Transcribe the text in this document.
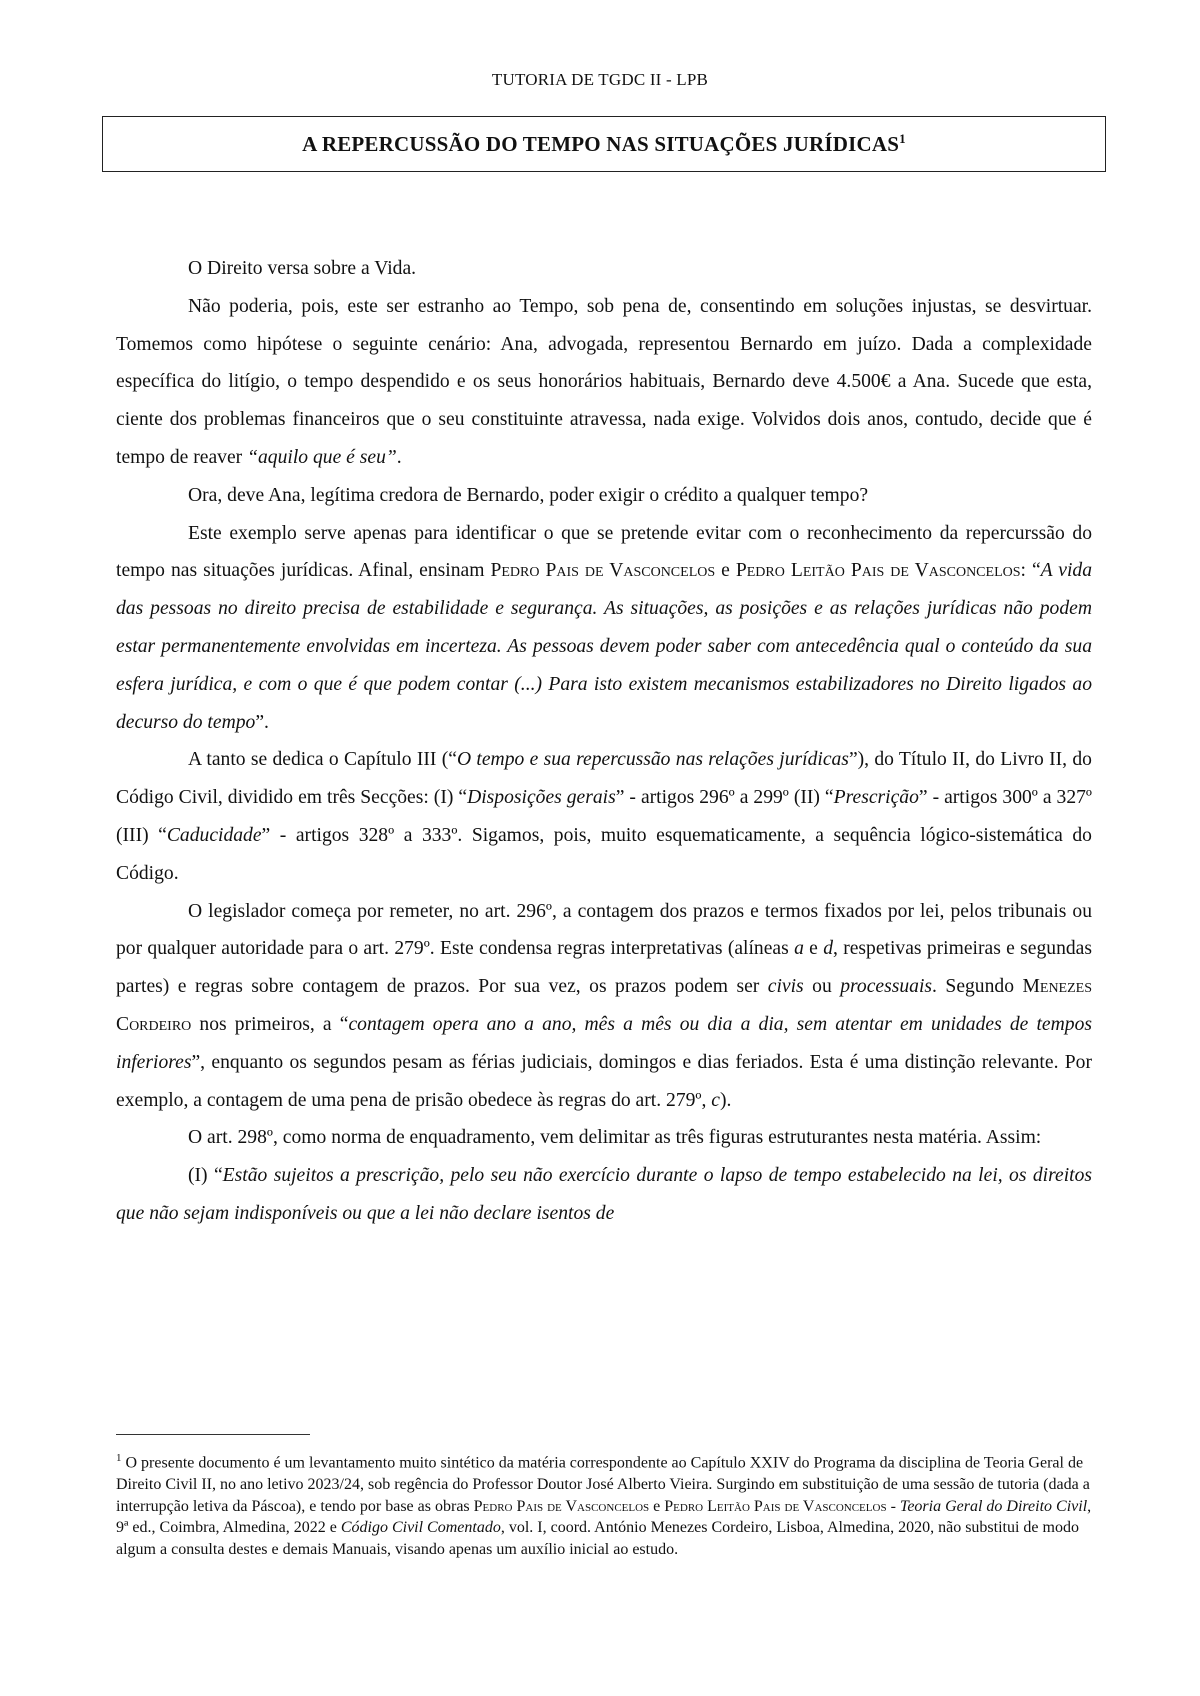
TUTORIA DE TGDC II - LPB
A REPERCUSSÃO DO TEMPO NAS SITUAÇÕES JURÍDICAS$^1$

O Direito versa sobre a Vida.

Não poderia, pois, este ser estranho ao Tempo, sob pena de, consentindo em soluções injustas, se desvirtuar. Tomemos como hipótese o seguinte cenário: Ana, advogada, representou Bernardo em juízo. Dada a complexidade específica do litígio, o tempo despendido e os seus honorários habituais, Bernardo deve 4.500€ a Ana. Sucede que esta, ciente dos problemas financeiros que o seu constituinte atravessa, nada exige. Volvidos dois anos, contudo, decide que é tempo de reaver “aquilo que é seu”.

Ora, deve Ana, legítima credora de Bernardo, poder exigir o crédito a qualquer tempo?

Este exemplo serve apenas para identificar o que se pretende evitar com o reconhecimento da repercurssão do tempo nas situações jurídicas. Afinal, ensinam Pedro Pais de Vasconcelos e Pedro Leitão Pais de Vasconcelos: “A vida das pessoas no direito precisa de estabilidade e segurança. As situações, as posições e as relações jurídicas não podem estar permanentemente envolvidas em incerteza. As pessoas devem poder saber com antecedência qual o conteúdo da sua esfera jurídica, e com o que é que podem contar (...) Para isto existem mecanismos estabilizadores no Direito ligados ao decurso do tempo”.

A tanto se dedica o Capítulo III (“O tempo e sua repercussão nas relações jurídicas”), do Título II, do Livro II, do Código Civil, dividido em três Secções: (I) “Disposições gerais” - artigos 296º a 299º (II) “Prescrição” - artigos 300º a 327º (III) “Caducidade” - artigos 328º a 333º. Sigamos, pois, muito esquematicamente, a sequência lógico-sistemática do Código.

O legislador começa por remeter, no art. 296º, a contagem dos prazos e termos fixados por lei, pelos tribunais ou por qualquer autoridade para o art. 279º. Este condensa regras interpretativas (alíneas a e d, respetivas primeiras e segundas partes) e regras sobre contagem de prazos. Por sua vez, os prazos podem ser civis ou processuais. Segundo Menezes Cordeiro nos primeiros, a “contagem opera ano a ano, mês a mês ou dia a dia, sem atentar em unidades de tempos inferiores”, enquanto os segundos pesam as férias judiciais, domingos e dias feriados. Esta é uma distinção relevante. Por exemplo, a contagem de uma pena de prisão obedece às regras do art. 279º, c).

O art. 298º, como norma de enquadramento, vem delimitar as três figuras estruturantes nesta matéria. Assim:

(I) “Estão sujeitos a prescrição, pelo seu não exercício durante o lapso de tempo estabelecido na lei, os direitos que não sejam indisponíveis ou que a lei não declare isentos de

$^1$ O presente documento é um levantamento muito sintético da matéria correspondente ao Capítulo XXIV do Programa da disciplina de Teoria Geral de Direito Civil II, no ano letivo 2023/24, sob regência do Professor Doutor José Alberto Vieira. Surgindo em substituição de uma sessão de tutoria (dada a interrupção letiva da Páscoa), e tendo por base as obras Pedro Pais de Vasconcelos e Pedro Leitão Pais de Vasconcelos - Teoria Geral do Direito Civil, 9ª ed., Coimbra, Almedina, 2022 e Código Civil Comentado, vol. I, coord. António Menezes Cordeiro, Lisboa, Almedina, 2020, não substitui de modo algum a consulta destes e demais Manuais, visando apenas um auxílio inicial ao estudo.
